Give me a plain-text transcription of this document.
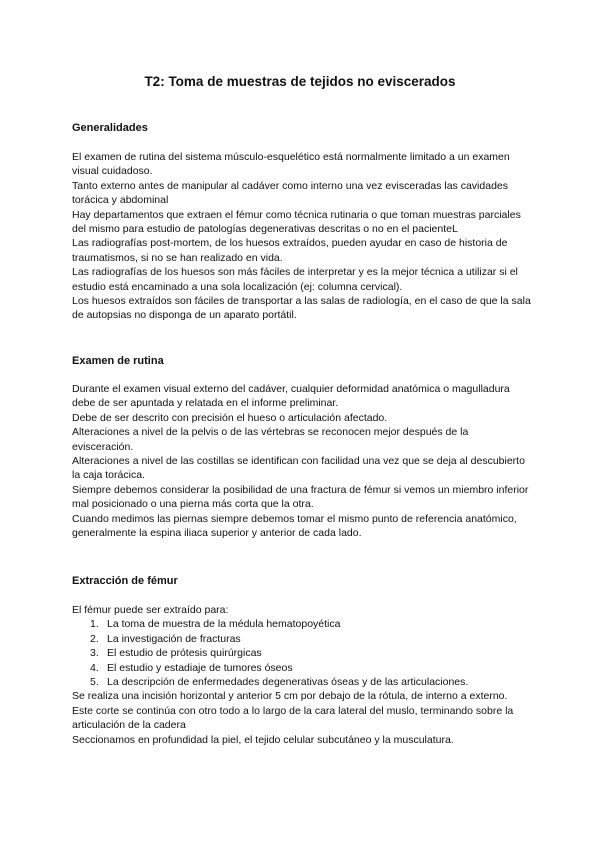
T2: Toma de muestras de tejidos no eviscerados
Generalidades

El examen de rutina del sistema músculo-esquelético está normalmente limitado a un examen visual cuidadoso.

Tanto externo antes de manipular al cadáver como interno una vez evisceradas las cavidades torácica y abdominal

Hay departamentos que extraen el fémur como técnica rutinaria o que toman muestras parciales del mismo para estudio de patologías degenerativas descritas o no en el pacienteL

Las radiografías post-mortem, de los huesos extraídos, pueden ayudar en caso de historia de traumatismos, si no se han realizado en vida.

Las radiografías de los huesos son más fáciles de interpretar y es la mejor técnica a utilizar si el estudio está encaminado a una sola localización (ej: columna cervical).

Los huesos extraídos son fáciles de transportar a las salas de radiología, en el caso de que la sala de autopsias no disponga de un aparato portátil.

Examen de rutina

Durante el examen visual externo del cadáver, cualquier deformidad anatómica o magulladura debe de ser apuntada y relatada en el informe preliminar.

Debe de ser descrito con precisión el hueso o articulación afectado.

Alteraciones a nivel de la pelvis o de las vértebras se reconocen mejor después de la evisceración.

Alteraciones a nivel de las costillas se identifican con facilidad una vez que se deja al descubierto la caja torácica.

Siempre debemos considerar la posibilidad de una fractura de fémur si vemos un miembro inferior mal posicionado o una pierna más corta que la otra.

Cuando medimos las piernas siempre debemos tomar el mismo punto de referencia anatómico, generalmente la espina iliaca superior y anterior de cada lado.

Extracción de fémur

El fémur puede ser extraído para:

1. La toma de muestra de la médula hematopoyética
2. La investigación de fracturas
3. El estudio de prótesis quirúrgicas
4. El estudio y estadiaje de tumores óseos
5. La descripción de enfermedades degenerativas óseas y de las articulaciones.

Se realiza una incisión horizontal y anterior 5 cm por debajo de la rótula, de interno a externo.

Este corte se continúa con otro todo a lo largo de la cara lateral del muslo, terminando sobre la articulación de la cadera

Seccionamos en profundidad la piel, el tejido celular subcutáneo y la musculatura.
